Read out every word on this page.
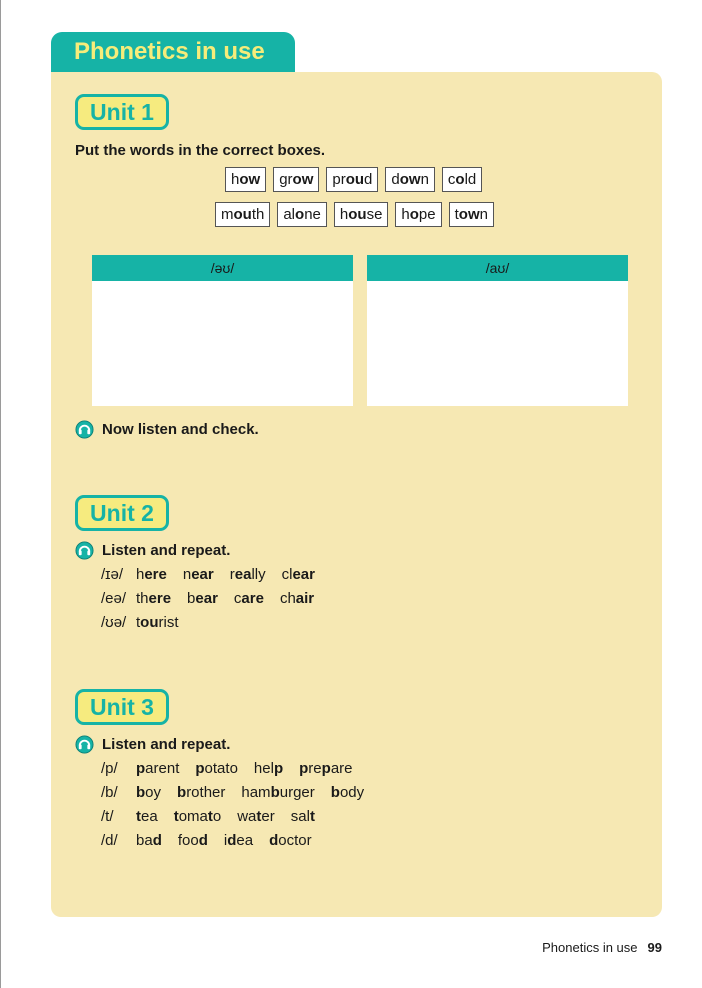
Phonetics in use
Unit 1
Put the words in the correct boxes.
h ow gr ow pr ou d d ow n c o ld
m ou th al o ne h ou se h o pe t ow n
/əʊ/	/aʊ/
Now listen and check.
Unit 2
Listen and repeat.
/ɪə/ here near really clear
/eə/ there bear care chair
/ʊə/ tourist
Unit 3
Listen and repeat.
/p/	parent potato help prepare
/b/	boy brother hamburger body
/t/	tea tomato water salt
/d/	bad food idea doctor
Phonetics in use 99
